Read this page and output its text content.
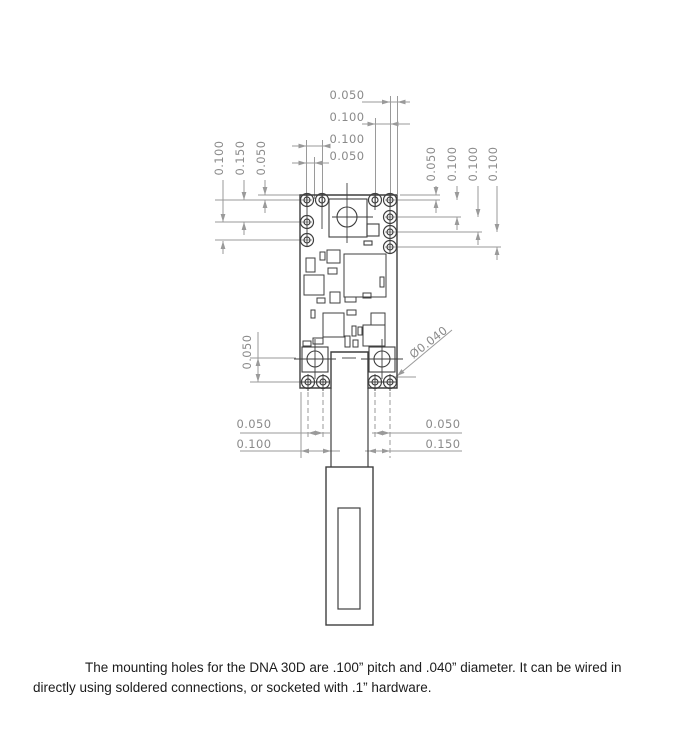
0.050
0.100
0.100
0.050
0.100 0.150 0.050	0.050 0.100 0.100 0.100
0.050
0.050
0.100
0.050
0.150
Ø0.040
The mounting holes for the DNA 30D are .100” pitch and .040” diameter. It can be wired in
directly using soldered connections, or socketed with .1” hardware.
